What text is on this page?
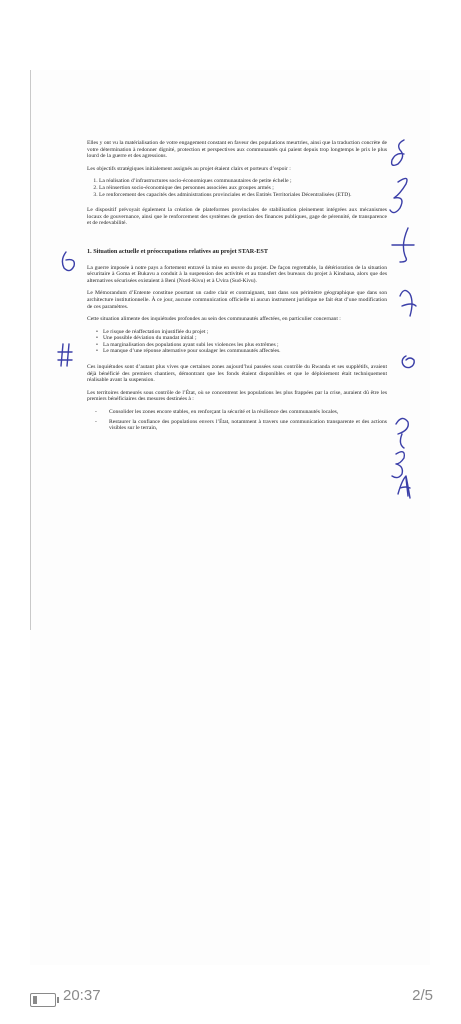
Elles y ont vu la matérialisation de votre engagement constant en faveur des populations meurtries, ainsi que la traduction concrète de votre détermination à redonner dignité, protection et perspectives aux communautés qui paient depuis trop longtemps le prix le plus lourd de la guerre et des agressions.

Les objectifs stratégiques initialement assignés au projet étaient clairs et porteurs d’espoir :

1. La réalisation d’infrastructures socio-économiques communautaires de petite échelle ;
2. La réinsertion socio-économique des personnes associées aux groupes armés ;
3. Le renforcement des capacités des administrations provinciales et des Entités Territoriales Décentralisées (ETD).

Le dispositif prévoyait également la création de plateformes provinciales de stabilisation pleinement intégrées aux mécanismes locaux de gouvernance, ainsi que le renforcement des systèmes de gestion des finances publiques, gage de pérennité, de transparence et de redevabilité.

1. Situation actuelle et préoccupations relatives au projet STAR-EST

La guerre imposée à notre pays a fortement entravé la mise en œuvre du projet. De façon regrettable, la détérioration de la situation sécuritaire à Goma et Bukavu a conduit à la suspension des activités et au transfert des bureaux du projet à Kinshasa, alors que des alternatives sécurisées existaient à Beni (Nord-Kivu) et à Uvira (Sud-Kivu).

Le Mémorandum d’Entente constitue pourtant un cadre clair et contraignant, tant dans son périmètre géographique que dans son architecture institutionnelle. À ce jour, aucune communication officielle ni aucun instrument juridique ne fait état d’une modification de ces paramètres.

Cette situation alimente des inquiétudes profondes au sein des communautés affectées, en particulier concernant :

• Le risque de réaffectation injustifiée du projet ;
• Une possible déviation du mandat initial ;
• La marginalisation des populations ayant subi les violences les plus extrêmes ;
• Le manque d’une réponse alternative pour soulager les communautés affectées.

Ces inquiétudes sont d’autant plus vives que certaines zones aujourd’hui passées sous contrôle du Rwanda et ses supplétifs, avaient déjà bénéficié des premiers chantiers, démontrant que les fonds étaient disponibles et que le déploiement était techniquement réalisable avant la suspension.

Les territoires demeurés sous contrôle de l’État, où se concentrent les populations les plus frappées par la crise, auraient dû être les premiers bénéficiaires des mesures destinées à :

- Consolider les zones encore stables, en renforçant la sécurité et la résilience des communautés locales,
- Restaurer la confiance des populations envers l’État, notamment à travers une communication transparente et des actions visibles sur le terrain,
20:37	2/5
